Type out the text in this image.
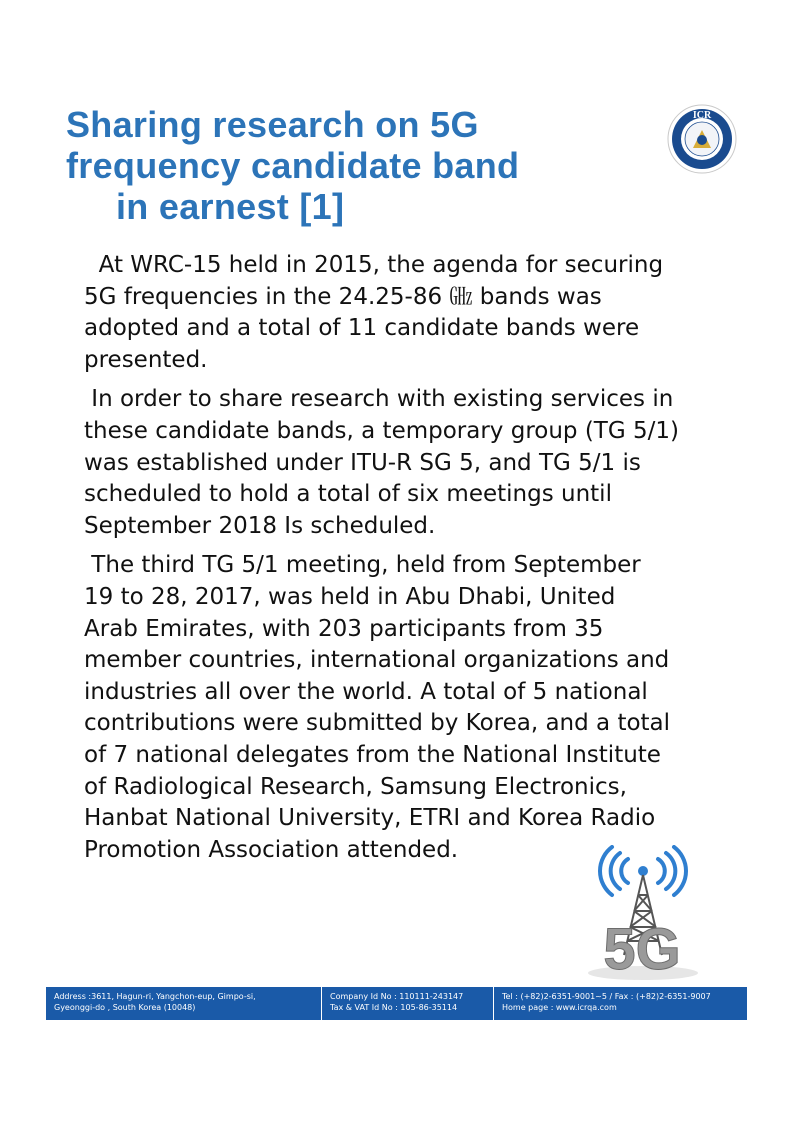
Sharing research on 5G
frequency candidate band
in earnest [1]
ICR
At WRC-15 held in 2015, the agenda for securing
5G frequencies in the 24.25-86 ㎓ bands was
adopted and a total of 11 candidate bands were
presented.
In order to share research with existing services in
these candidate bands, a temporary group (TG 5/1)
was established under ITU-R SG 5, and TG 5/1 is
scheduled to hold a total of six meetings until
September 2018 Is scheduled.
The third TG 5/1 meeting, held from September
19 to 28, 2017, was held in Abu Dhabi, United
Arab Emirates, with 203 participants from 35
member countries, international organizations and
industries all over the world. A total of 5 national
contributions were submitted by Korea, and a total
of 7 national delegates from the National Institute
of Radiological Research, Samsung Electronics,
Hanbat National University, ETRI and Korea Radio
Promotion Association attended.
5G
Address :3611, Hagun-ri, Yangchon-eup, Gimpo-si,
Gyeonggi-do , South Korea (10048)
Company Id No : 110111-243147
Tax & VAT Id No : 105-86-35114
Tel : (+82)2-6351-9001~5 / Fax : (+82)2-6351-9007
Home page : www.icrqa.com
